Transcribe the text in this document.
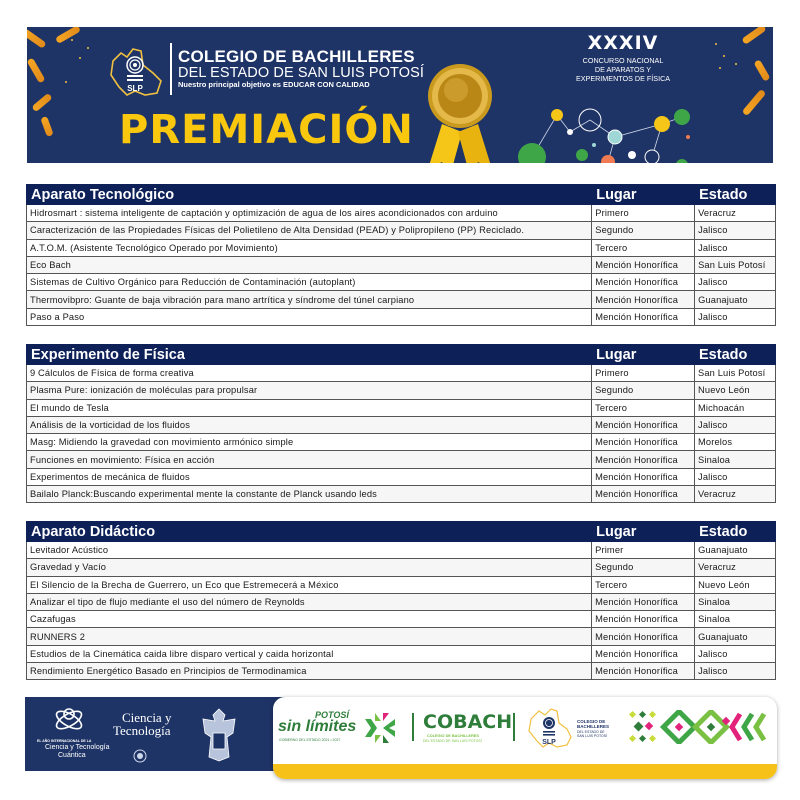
SLP
COLEGIO DE BACHILLERES
DEL ESTADO DE SAN LUIS POTOSÍ
Nuestro principal objetivo es EDUCAR CON CALIDAD
PREMIACIÓN
XXXIV
CONCURSO NACIONAL
DE APARATOS Y
EXPERIMENTOS DE FÍSICA
Aparato Tecnológico	Lugar	Estado
Hidrosmart : sistema inteligente de captación y optimización de agua de los aires acondicionados con arduino	Primero	Veracruz
Caracterización de las Propiedades Físicas del Polietileno de Alta Densidad (PEAD) y Polipropileno (PP) Reciclado.	Segundo	Jalisco
A.T.O.M. (Asistente Tecnológico Operado por Movimiento)	Tercero	Jalisco
Eco Bach	Mención Honorífica	San Luis Potosí
Sistemas de Cultivo Orgánico para Reducción de Contaminación (autoplant)	Mención Honorífica	Jalisco
Thermovibpro: Guante de baja vibración para mano artrítica y síndrome del túnel carpiano	Mención Honorífica	Guanajuato
Paso a Paso	Mención Honorífica	Jalisco
Experimento de Física	Lugar	Estado
9 Cálculos de Física de forma creativa	Primero	San Luis Potosí
Plasma Pure: ionización de moléculas para propulsar	Segundo	Nuevo León
El mundo de Tesla	Tercero	Michoacán
Análisis de la vorticidad de los fluidos	Mención Honorífica	Jalisco
Masg: Midiendo la gravedad con movimiento armónico simple	Mención Honorífica	Morelos
Funciones en movimiento: Física en acción	Mención Honorífica	Sinaloa
Experimentos de mecánica de fluidos	Mención Honorífica	Jalisco
Bailalo Planck:Buscando experimental mente la constante de Planck usando leds	Mención Honorífica	Veracruz
Aparato Didáctico	Lugar	Estado
Levitador Acústico	Primer	Guanajuato
Gravedad y Vacío	Segundo	Veracruz
El Silencio de la Brecha de Guerrero, un Eco que Estremecerá a México	Tercero	Nuevo León
Analizar el tipo de flujo mediante el uso del número de Reynolds	Mención Honorífica	Sinaloa
Cazafugas	Mención Honorífica	Sinaloa
RUNNERS 2	Mención Honorífica	Guanajuato
Estudios de la Cinemática caida libre disparo vertical y caida horizontal	Mención Honorífica	Jalisco
Rendimiento Energético Basado en Principios de Termodinamica	Mención Honorífica	Jalisco
EL AÑO INTERNACIONAL DE LA
Ciencia y Tecnología
Cuántica
Ciencia y
Tecnología
POTOSÍ
sin límites
GOBIERNO DEL ESTADO 2021 • 2027
COBACH
COLEGIO DE BACHILLERES
DEL ESTADO DE SAN LUIS POTOSÍ	SLP
COLEGIO DE
BACHILLERES
DEL ESTADO DE
SAN LUIS POTOSÍ
